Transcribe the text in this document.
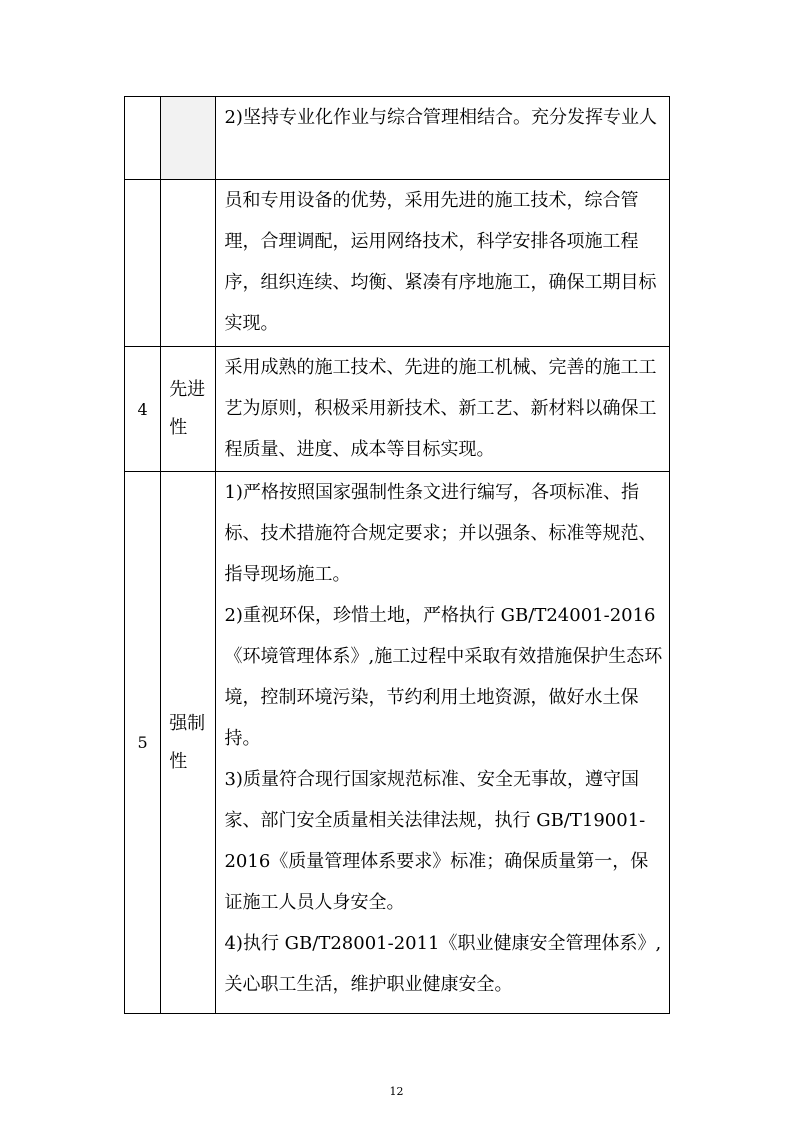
		2)坚持专业化作业与综合管理相结合。充分发挥专业人

		员和专用设备的优势，采用先进的施工技术，综合管理，合理调配，运用网络技术，科学安排各项施工程序，组织连续、均衡、紧凑有序地施工，确保工期目标实现。

4	先进性	采用成熟的施工技术、先进的施工机械、完善的施工工艺为原则，积极采用新技术、新工艺、新材料以确保工程质量、进度、成本等目标实现。

5	强制性	1)严格按照国家强制性条文进行编写，各项标准、指标、技术措施符合规定要求；并以强条、标准等规范、指导现场施工。

2)重视环保，珍惜土地，严格执行 GB/T24001-2016《环境管理体系》,施工过程中采取有效措施保护生态环境，控制环境污染，节约利用土地资源，做好水土保持。

3)质量符合现行国家规范标准、安全无事故，遵守国家、部门安全质量相关法律法规，执行 GB/T19001-2016《质量管理体系要求》标准；确保质量第一，保证施工人员人身安全。

4)执行 GB/T28001-2011《职业健康安全管理体系》,关心职工生活，维护职业健康安全。

12
